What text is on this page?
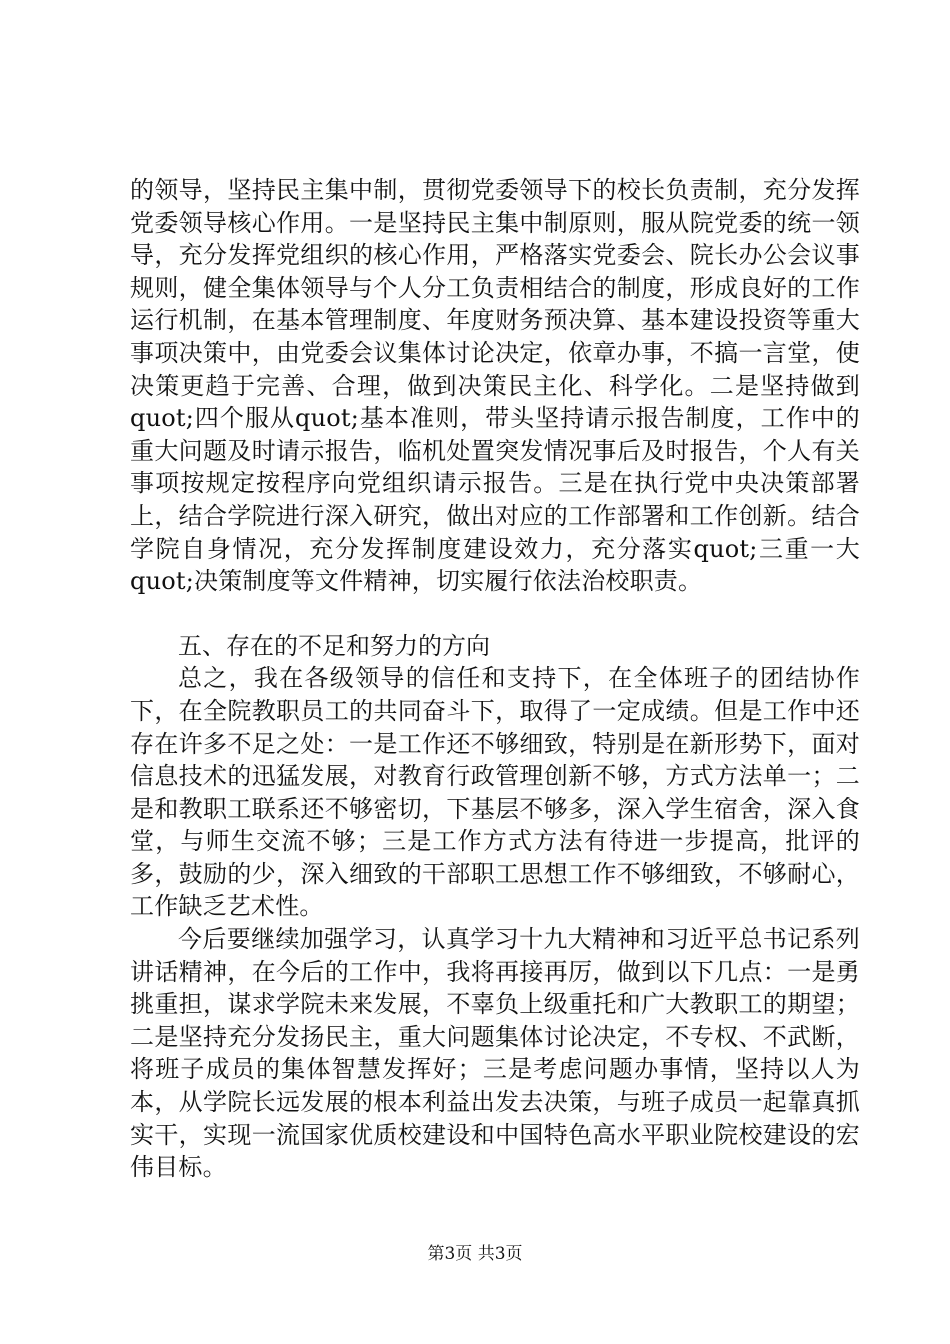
的领导，坚持民主集中制，贯彻党委领导下的校长负责制，充分发挥党委领导核心作用。一是坚持民主集中制原则，服从院党委的统一领导，充分发挥党组织的核心作用，严格落实党委会、院长办公会议事规则，健全集体领导与个人分工负责相结合的制度，形成良好的工作运行机制，在基本管理制度、年度财务预决算、基本建设投资等重大事项决策中，由党委会议集体讨论决定，依章办事，不搞一言堂，使决策更趋于完善、合理，做到决策民主化、科学化。二是坚持做到quot;四个服从quot;基本准则，带头坚持请示报告制度，工作中的重大问题及时请示报告，临机处置突发情况事后及时报告，个人有关事项按规定按程序向党组织请示报告。三是在执行党中央决策部署上，结合学院进行深入研究，做出对应的工作部署和工作创新。结合学院自身情况，充分发挥制度建设效力，充分落实quot;三重一大quot;决策制度等文件精神，切实履行依法治校职责。

五、存在的不足和努力的方向

总之，我在各级领导的信任和支持下，在全体班子的团结协作下，在全院教职员工的共同奋斗下，取得了一定成绩。但是工作中还存在许多不足之处：一是工作还不够细致，特别是在新形势下，面对信息技术的迅猛发展，对教育行政管理创新不够，方式方法单一；二是和教职工联系还不够密切，下基层不够多，深入学生宿舍，深入食堂，与师生交流不够；三是工作方式方法有待进一步提高，批评的多，鼓励的少，深入细致的干部职工思想工作不够细致，不够耐心，工作缺乏艺术性。

今后要继续加强学习，认真学习十九大精神和习近平总书记系列讲话精神，在今后的工作中，我将再接再厉，做到以下几点：一是勇挑重担，谋求学院未来发展，不辜负上级重托和广大教职工的期望；二是坚持充分发扬民主，重大问题集体讨论决定，不专权、不武断，将班子成员的集体智慧发挥好；三是考虑问题办事情，坚持以人为本，从学院长远发展的根本利益出发去决策，与班子成员一起靠真抓实干，实现一流国家优质校建设和中国特色高水平职业院校建设的宏伟目标。

第3页 共3页
